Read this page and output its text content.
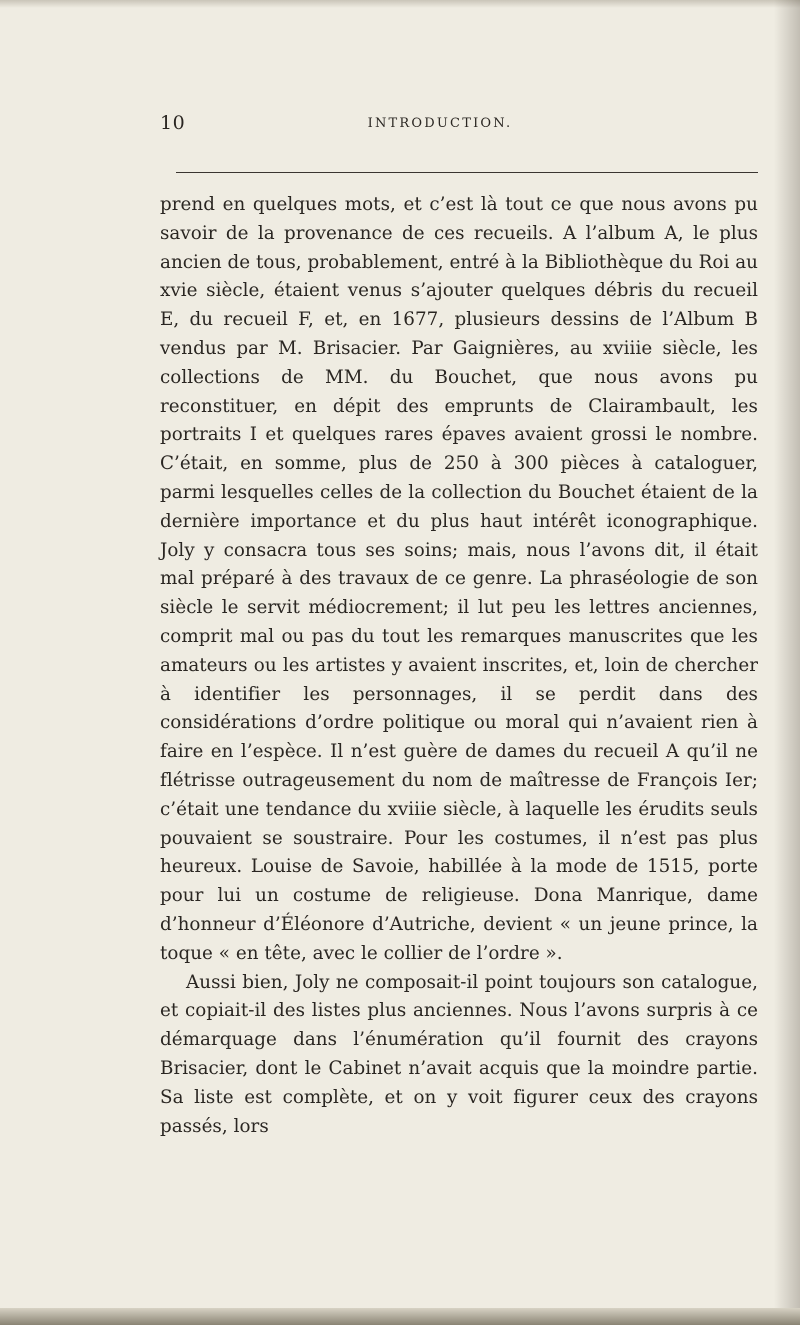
10	INTRODUCTION.

prend en quelques mots, et c’est là tout ce que nous avons pu savoir de la provenance de ces recueils. A l’album A, le plus ancien de tous, probablement, entré à la Bibliothèque du Roi au xvie siècle, étaient venus s’ajouter quelques débris du recueil E, du recueil F, et, en 1677, plusieurs dessins de l’Album B vendus par M. Brisacier. Par Gaignières, au xviiie siècle, les collections de MM. du Bouchet, que nous avons pu reconstituer, en dépit des emprunts de Clairambault, les portraits I et quelques rares épaves avaient grossi le nombre. C’était, en somme, plus de 250 à 300 pièces à cataloguer, parmi lesquelles celles de la collection du Bouchet étaient de la dernière importance et du plus haut intérêt iconographique. Joly y consacra tous ses soins; mais, nous l’avons dit, il était mal préparé à des travaux de ce genre. La phraséologie de son siècle le servit médiocrement; il lut peu les lettres anciennes, comprit mal ou pas du tout les remarques manuscrites que les amateurs ou les artistes y avaient inscrites, et, loin de chercher à identifier les personnages, il se perdit dans des considérations d’ordre politique ou moral qui n’avaient rien à faire en l’espèce. Il n’est guère de dames du recueil A qu’il ne flétrisse outrageusement du nom de maîtresse de François Ier; c’était une tendance du xviiie siècle, à laquelle les érudits seuls pouvaient se soustraire. Pour les costumes, il n’est pas plus heureux. Louise de Savoie, habillée à la mode de 1515, porte pour lui un costume de religieuse. Dona Manrique, dame d’honneur d’Éléonore d’Autriche, devient « un jeune prince, la toque « en tête, avec le collier de l’ordre ».

Aussi bien, Joly ne composait-il point toujours son catalogue, et copiait-il des listes plus anciennes. Nous l’avons surpris à ce démarquage dans l’énumération qu’il fournit des crayons Brisacier, dont le Cabinet n’avait acquis que la moindre partie. Sa liste est complète, et on y voit figurer ceux des crayons passés, lors
